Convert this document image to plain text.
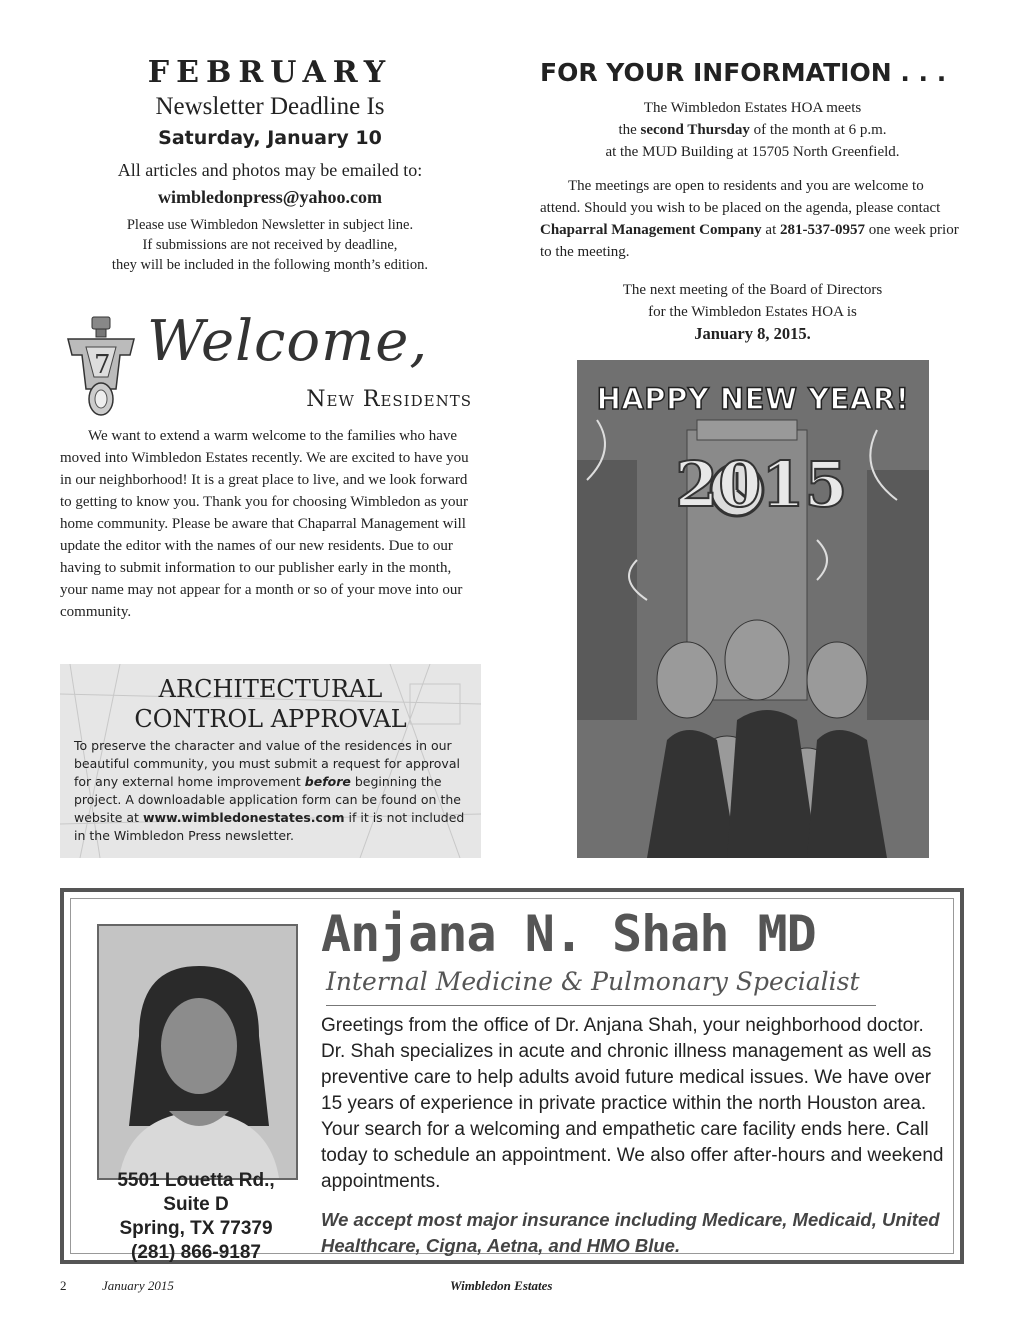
FEBRUARY
Newsletter Deadline Is
Saturday, January 10
All articles and photos may be emailed to:
wimbledonpress@yahoo.com
Please use Wimbledon Newsletter in subject line.
If submissions are not received by deadline,
they will be included in the following month’s edition.
FOR YOUR INFORMATION . . .
The Wimbledon Estates HOA meets
the second Thursday of the month at 6 p.m.
at the MUD Building at 15705 North Greenfield.
The meetings are open to residents and you are welcome to attend. Should you wish to be placed on the agenda, please contact Chaparral Management Company at 281-537-0957 one week prior to the meeting.
The next meeting of the Board of Directors
for the Wimbledon Estates HOA is
January 8, 2015.
7 Welcome,
New Residents
We want to extend a warm welcome to the families who have moved into Wimbledon Estates recently. We are excited to have you in our neighborhood! It is a great place to live, and we look forward to getting to know you. Thank you for choosing Wimbledon as your home community. Please be aware that Chaparral Management will update the editor with the names of our new residents. Due to our having to submit information to our publisher early in the month, your name may not appear for a month or so of your move into our community.
ARCHITECTURAL
CONTROL APPROVAL
To preserve the character and value of the residences in our beautiful community, you must submit a request for approval for any external home improvement before beginning the project. A downloadable application form can be found on the website at www.wimbledonestates.com if it is not included in the Wimbledon Press newsletter.
HAPPY NEW YEAR!
2015
5501 Louetta Rd.,
Suite D
Spring, TX 77379
(281) 866-9187
Anjana N. Shah MD
Internal Medicine & Pulmonary Specialist
Greetings from the office of Dr. Anjana Shah, your neighborhood doctor. Dr. Shah specializes in acute and chronic illness management as well as preventive care to help adults avoid future medical issues. We have over 15 years of experience in private practice within the north Houston area. Your search for a welcoming and empathetic care facility ends here. Call today to schedule an appointment. We also offer after-hours and weekend appointments.
We accept most major insurance including Medicare, Medicaid, United Healthcare, Cigna, Aetna, and HMO Blue.
2	January 2015	Wimbledon Estates
